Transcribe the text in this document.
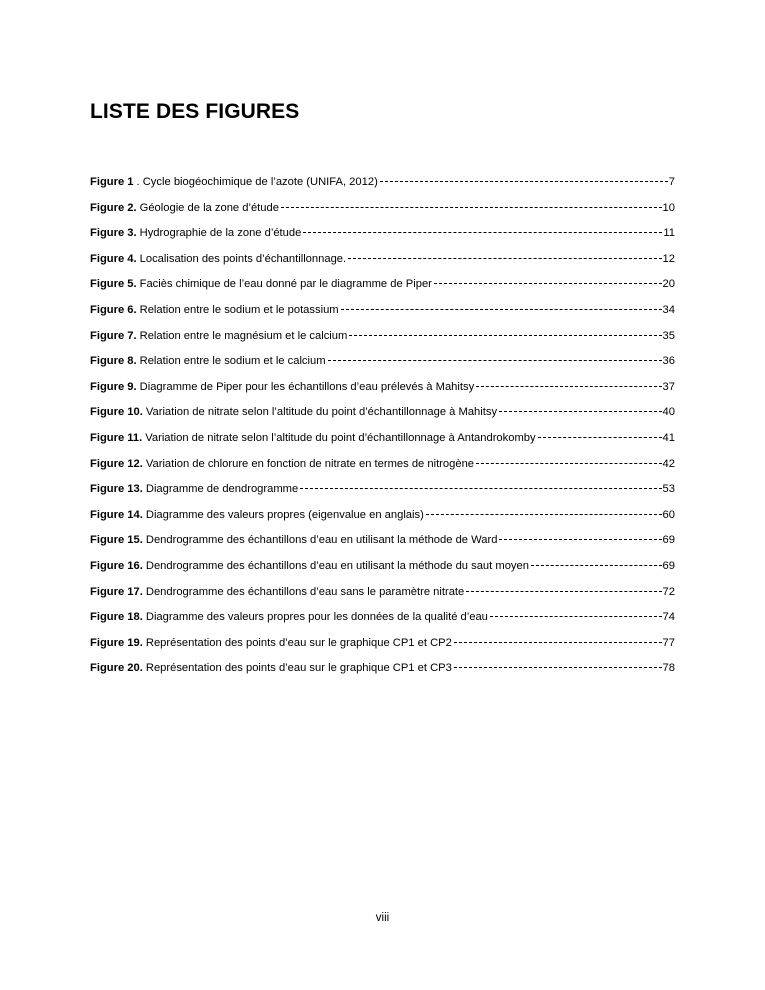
LISTE DES FIGURES
Figure 1 . Cycle biogéochimique de l’azote (UNIFA, 2012)	7
Figure 2. Géologie de la zone d’étude	10
Figure 3. Hydrographie de la zone d’étude	11
Figure 4. Localisation des points d’échantillonnage.	12
Figure 5. Faciès chimique de l’eau donné par le diagramme de Piper	20
Figure 6. Relation entre le sodium et le potassium	34
Figure 7. Relation entre le magnésium et le calcium	35
Figure 8. Relation entre le sodium et le calcium	36
Figure 9. Diagramme de Piper pour les échantillons d’eau prélevés à Mahitsy	37
Figure 10. Variation de nitrate selon l’altitude du point d’échantillonnage à Mahitsy	40
Figure 11. Variation de nitrate selon l’altitude du point d’échantillonnage à Antandrokomby	41
Figure 12. Variation de chlorure en fonction de nitrate en termes de nitrogène	42
Figure 13. Diagramme de dendrogramme	53
Figure 14. Diagramme des valeurs propres (eigenvalue en anglais)	60
Figure 15. Dendrogramme des échantillons d’eau en utilisant la méthode de Ward	69
Figure 16. Dendrogramme des échantillons d’eau en utilisant la méthode du saut moyen	69
Figure 17. Dendrogramme des échantillons d’eau sans le paramètre nitrate	72
Figure 18. Diagramme des valeurs propres pour les données de la qualité d’eau	74
Figure 19. Représentation des points d’eau sur le graphique CP1 et CP2	77
Figure 20. Représentation des points d’eau sur le graphique CP1 et CP3	78
viii
